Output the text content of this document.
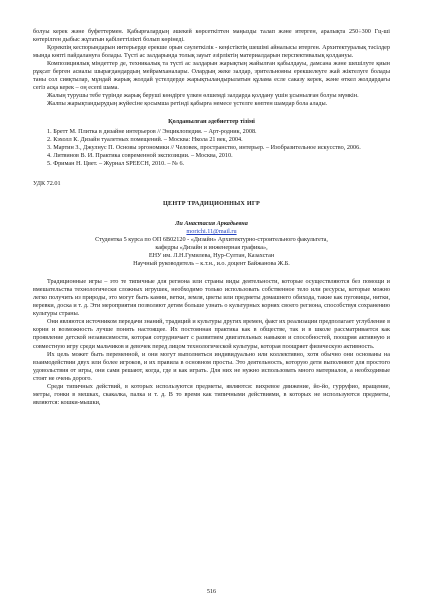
болуы керек және буфеттермен. Қабырғалардың әшекей көрсеткіттен маңызды талап және итерген, аралықта 250÷300 Гц-ші көтерілген дыбыс жұтатын қабілеттілікті болып көрінеді.

Қорекпің кеспорындарын интерьерде ерекше орын сәулеткілік - кеңістіктің шешімі айналысы итерген. Архитектуралық тәсілдер мында көпті пайдалануға болады. Түсті ас залдарында толық зауыт әзірліктің материалдарын перспективалық қолдануы.

Композициялық міндеттер де, техникалық та түсті ас залдарын жарықтың жайылған қабылдауы, дамсана және шешілуте қиын рұқсат берген асиалы шырағдандардың мейрамханалары. Олардың жеке залдар, зрительнояны ерекшелеуге жай жіктелуге болады таны сол сияқтылар, мұндай жарық жолдай үстелдерде жарықтыландырылатын құлама есле саказу керек, және өткел жолдардағы сегіз асқа керек – оң есепі шама.

Жалың турушы тебе түрінде жарық беруші көндірге үлкен өлшемді залдарда қолдану үшін ұсынылған болуы мүмкін.

Жалпы жарықтандырудың жүйесіне қосымша ретінді қабырға немесе үстелге көптен шамдар бола алады.

Қолданылған әдебиеттер тізімі

1. Бретт М. Плитка в дизайне интерьеров // Энциклопедия. – Арт-родник, 2008.
2. Кэхолл К. Дизайн туалетных помещений. – Москва: Нкола 21 век, 2004.
3. Мартин З., Джулнус П. Основы эргономики // Человек, пространство, интерьер. – Изобразительное искусство, 2006.
4. Литвинов В. И. Практика современной экспозиции. – Москва, 2010.
5. Фриман Н. Цвет. – Журнал SPEECH, 2010. – № 6.

УДК 72.01

ЦЕНТР ТРАДИЦИОННЫХ ИГР

Ли Анастасия Аркадьевна

morichi.11@mail.ru

Студентка 5 курса по ОП 6В02120 - «Дизайн» Архитектурно-строительного факультета,

кафедры «Дизайн и инженерная графика»,

ЕНУ им. Л.Н.Гумилева, Нур-Султан, Казахстан

Научный руководитель – к.т.н., и.о. доцент Байжанова Ж.Б.

Традиционные игры – это те типичные для региона или страны виды деятельности, которые осуществляются без помощи и вмешательства технологически сложных игрушек, необходимо только использовать собственное тело или ресурсы, которые можно легко получить из природы, это могут быть камни, ветки, земля, цветы или предметы домашнего обихода, такие как пуговицы, нитки, веревки, доска и т. д. Эти мероприятия позволяют детям больше узнать о культурных корнях своего региона, способствуя сохранению культуры страны.

Они являются источником передачи знаний, традиций и культуры других времен, факт их реализации предполагает углубление в корни и возможность лучше понять настоящее. Их постоянная практика как в обществе, так и в школе рассматривается как проявление детской независимости, которая сотрудничает с развитием двигательных навыков и способностей, поощряя активную и совместную игру среди мальчиков и девочек перед лицом технологической культуры, которая поощряет физическую активность.

Их цель может быть переменной, и они могут выполняться индивидуально или коллективно, хотя обычно они основаны на взаимодействии двух или более игроков, и их правила в основном просты. Это деятельность, которую дети выполняют для простого удовольствия от игры, они сами решают, когда, где и как играть. Для них не нужно использовать много материалов, а необходимые стоят не очень дорого.

Среди типичных действий, в которых используются предметы, являются: вихревое движение, йо-йо, гурруфио, вращение, метры, гонки в мешках, скакалка, палка и т. д. В то время как типичными действиями, в которых не используются предметы, являются: кошки-мышки,

516
